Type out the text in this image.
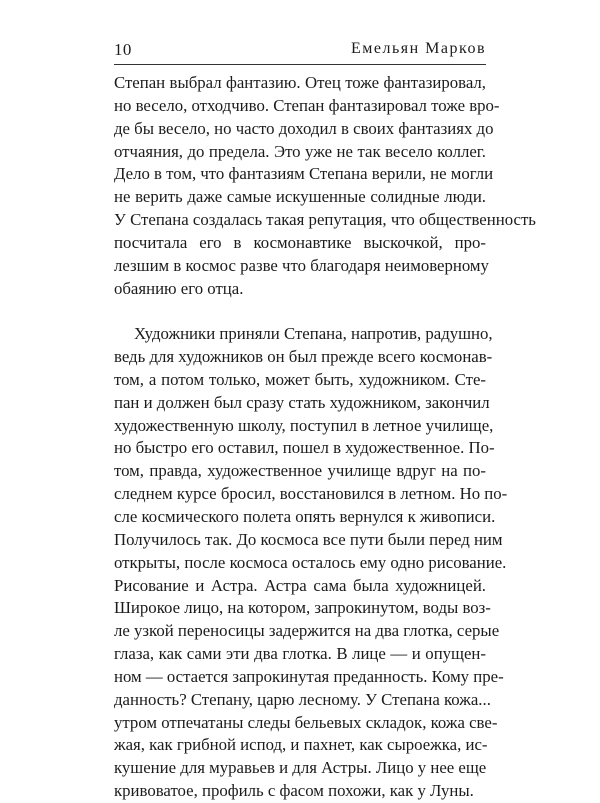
10	Емельян Марков
Степан выбрал фантазию. Отец тоже фантазировал,
но весело, отходчиво. Степан фантазировал тоже вро-
де бы весело, но часто доходил в своих фантазиях до
отчаяния, до предела. Это уже не так весело коллег.
Дело в том, что фантазиям Степана верили, не могли
не верить даже самые искушенные солидные люди.
У Степана создалась такая репутация, что общественность
посчитала его в космонавтике выскочкой, про-
лезшим в космос разве что благодаря неимоверному
обаянию его отца.
Художники приняли Степана, напротив, радушно,
ведь для художников он был прежде всего космонав-
том, а потом только, может быть, художником. Сте-
пан и должен был сразу стать художником, закончил
художественную школу, поступил в летное училище,
но быстро его оставил, пошел в художественное. По-
том, правда, художественное училище вдруг на по-
следнем курсе бросил, восстановился в летном. Но по-
сле космического полета опять вернулся к живописи.
Получилось так. До космоса все пути были перед ним
открыты, после космоса осталось ему одно рисование.
Рисование и Астра. Астра сама была художницей.
Широкое лицо, на котором, запрокинутом, воды воз-
ле узкой переносицы задержится на два глотка, серые
глаза, как сами эти два глотка. В лице — и опущен-
ном — остается запрокинутая преданность. Кому пре-
данность? Степану, царю лесному. У Степана кожа...
утром отпечатаны следы бельевых складок, кожа све-
жая, как грибной испод, и пахнет, как сыроежка, ис-
кушение для муравьев и для Астры. Лицо у нее еще
кривоватое, профиль с фасом похожи, как у Луны.
